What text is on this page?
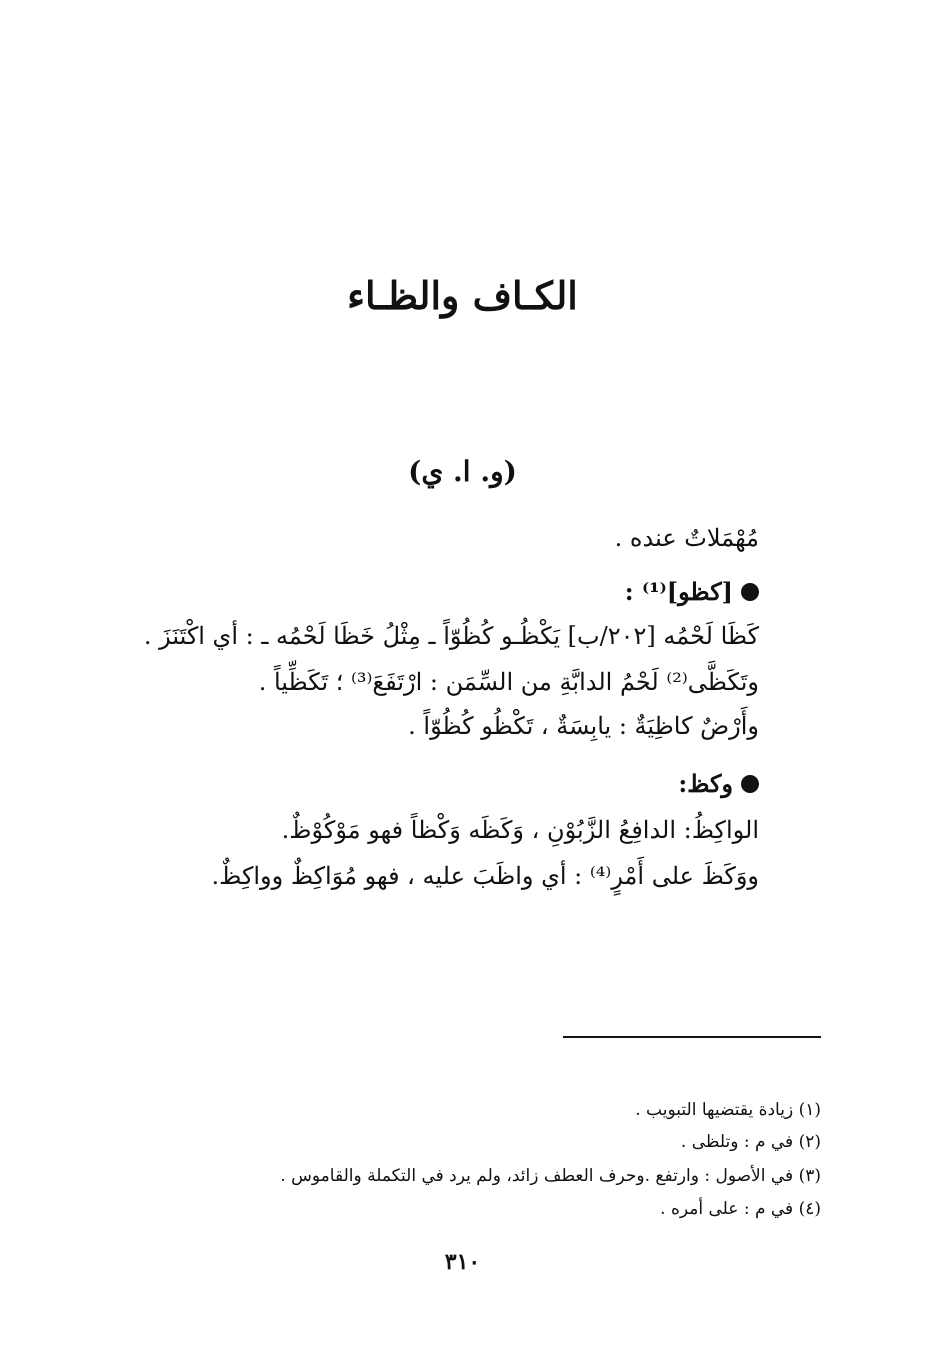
الكـاف والظـاء
(و. ا. ي)
مُهْمَلاتٌ عنده .
[كظو]⁽¹⁾ :
كَظَا لَحْمُه [٢٠٢/ب] يَكْظُـو كُظُوّاً ـ مِثْلُ خَظَا لَحْمُه ـ : أي اكْتَنَزَ .
وتَكَظَّى⁽²⁾ لَحْمُ الدابَّةِ من السِّمَن : ارْتَفَعَ⁽³⁾ ؛ تَكَظِّياً .
وأَرْضٌ كاظِيَةٌ : يابِسَةٌ ، تَكْظُو كُظُوّاً .
وكظ:
الواكِظُ: الدافِعُ الزَّبُوْنِ ، وَكَظَه وَكْظاً فهو مَوْكُوْظٌ.
ووَكَظَ على أَمْرٍ⁽⁴⁾ : أي واظَبَ عليه ، فهو مُوَاكِظٌ وواكِظٌ.
(١) زيادة يقتضيها التبويب .
(٢) في م : وتلظى .
(٣) في الأصول : وارتفع .وحرف العطف زائد، ولم يرد في التكملة والقاموس .
(٤) في م : على أمره .
٣١٠
